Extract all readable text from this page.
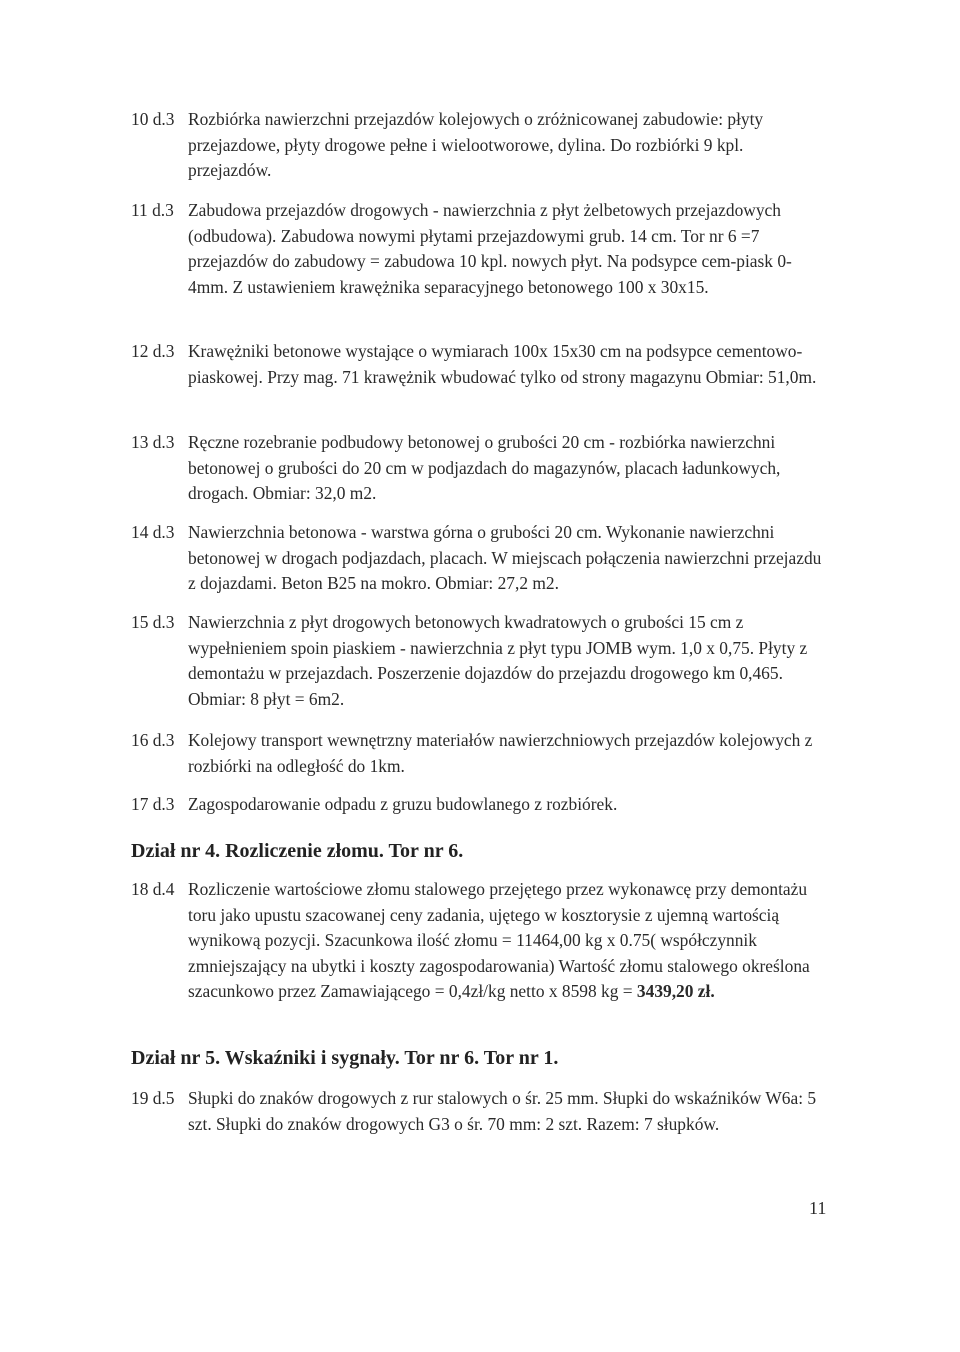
10 d.3 Rozbiórka nawierzchni przejazdów kolejowych o zróżnicowanej zabudowie: płyty przejazdowe, płyty drogowe pełne i wielootworowe, dylina. Do rozbiórki 9 kpl. przejazdów.
11 d.3 Zabudowa przejazdów drogowych - nawierzchnia z płyt żelbetowych przejazdowych (odbudowa). Zabudowa nowymi płytami przejazdowymi grub. 14 cm. Tor nr 6 =7 przejazdów do zabudowy = zabudowa 10 kpl. nowych płyt. Na podsypce cem-piask 0-4mm. Z ustawieniem krawężnika separacyjnego betonowego 100 x 30x15.
12 d.3 Krawężniki betonowe wystające o wymiarach 100x 15x30 cm na podsypce cementowo-piaskowej. Przy mag. 71 krawężnik wbudować tylko od strony magazynu Obmiar: 51,0m.
13 d.3 Ręczne rozebranie podbudowy betonowej o grubości 20 cm - rozbiórka nawierzchni betonowej o grubości do 20 cm w podjazdach do magazynów, placach ładunkowych, drogach. Obmiar: 32,0 m2.
14 d.3 Nawierzchnia betonowa - warstwa górna o grubości 20 cm. Wykonanie nawierzchni betonowej w drogach podjazdach, placach. W miejscach połączenia nawierzchni przejazdu z dojazdami. Beton B25 na mokro. Obmiar: 27,2 m2.
15 d.3 Nawierzchnia z płyt drogowych betonowych kwadratowych o grubości 15 cm z wypełnieniem spoin piaskiem - nawierzchnia z płyt typu JOMB wym. 1,0 x 0,75. Płyty z demontażu w przejazdach. Poszerzenie dojazdów do przejazdu drogowego km 0,465. Obmiar: 8 płyt = 6m2.
16 d.3 Kolejowy transport wewnętrzny materiałów nawierzchniowych przejazdów kolejowych z rozbiórki na odległość do 1km.
17 d.3 Zagospodarowanie odpadu z gruzu budowlanego z rozbiórek.
Dział nr 4. Rozliczenie złomu. Tor nr 6.
18 d.4 Rozliczenie wartościowe złomu stalowego przejętego przez wykonawcę przy demontażu toru jako upustu szacowanej ceny zadania, ujętego w kosztorysie z ujemną wartością wynikową pozycji. Szacunkowa ilość złomu = 11464,00 kg x 0.75( współczynnik zmniejszający na ubytki i koszty zagospodarowania) Wartość złomu stalowego określona szacunkowo przez Zamawiającego = 0,4zł/kg netto x 8598 kg = 3439,20 zł.
Dział nr 5. Wskaźniki i sygnały. Tor nr 6. Tor nr 1.
19 d.5 Słupki do znaków drogowych z rur stalowych o śr. 25 mm. Słupki do wskaźników W6a: 5 szt. Słupki do znaków drogowych G3 o śr. 70 mm: 2 szt. Razem: 7 słupków.
11
